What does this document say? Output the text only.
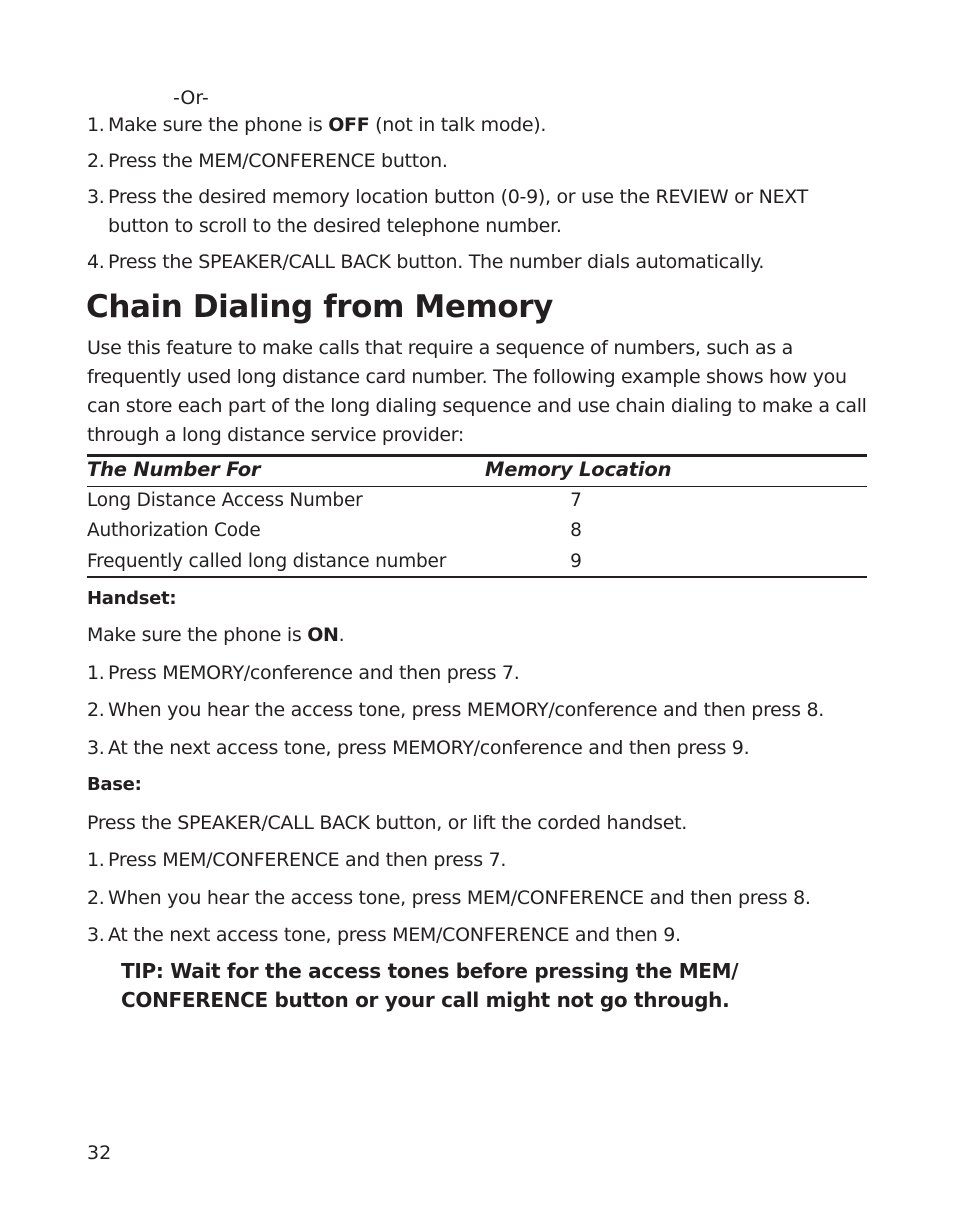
-Or-
1. Make sure the phone is OFF (not in talk mode).
2. Press the MEM/CONFERENCE button.
3. Press the desired memory location button (0-9), or use the REVIEW or NEXT button to scroll to the desired telephone number.
4. Press the SPEAKER/CALL BACK button. The number dials automatically.
Chain Dialing from Memory
Use this feature to make calls that require a sequence of numbers, such as a frequently used long distance card number. The following example shows how you can store each part of the long dialing sequence and use chain dialing to make a call through a long distance service provider:
The Number For	Memory Location
Long Distance Access Number	7
Authorization Code	8
Frequently called long distance number	9
Handset:
Make sure the phone is ON.
1. Press MEMORY/conference and then press 7.
2. When you hear the access tone, press MEMORY/conference and then press 8.
3. At the next access tone, press MEMORY/conference and then press 9.
Base:
Press the SPEAKER/CALL BACK button, or lift the corded handset.
1. Press MEM/CONFERENCE and then press 7.
2. When you hear the access tone, press MEM/CONFERENCE and then press 8.
3. At the next access tone, press MEM/CONFERENCE and then 9.
TIP: Wait for the access tones before pressing the MEM/ CONFERENCE button or your call might not go through.
32
